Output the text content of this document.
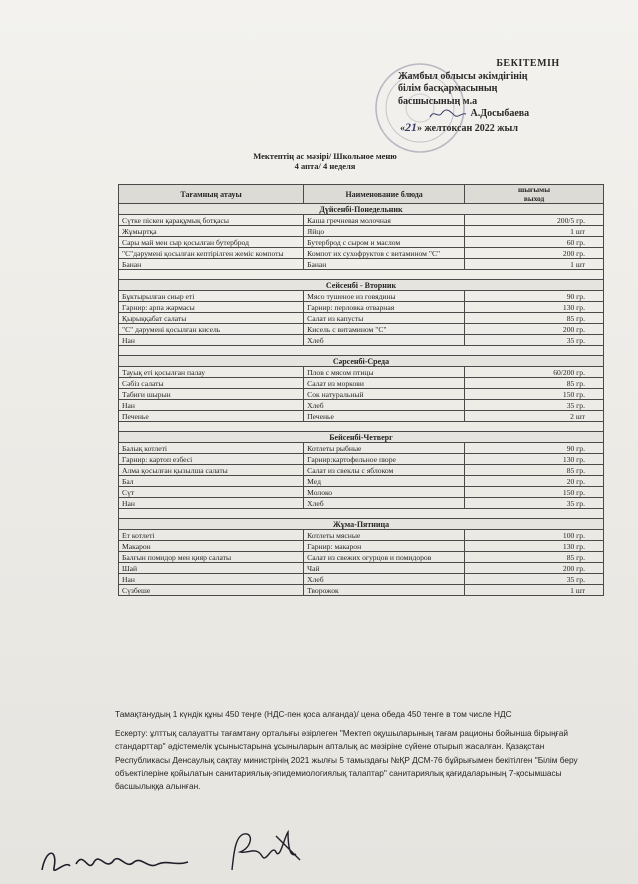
БЕКІТЕМІН
Жамбыл облысы әкімдігінің
білім басқармасының
басшысының м.а
А.Досыбаева
«21» желтоксан 2022 жыл
Мектептің ас мәзірі/ Школьное меню
4 апта/ 4 неделя
Тағамның атауы	Наименование блюда	шығымы
выход

Дүйсенбі-Понедельник		
Сүтке піскен қарақұмық ботқасы	Каша гречневая молочная	200/5 гр.
Жұмыртқа	Яйцо	1 шт
Сары май мен сыр қосылған бутерброд	Бутерброд с сыром и маслом	60 гр.
"С"дәруменi қосылған кептiрiлген жеміс компоты	Компот их сухофруктов с витамином "С"	200 гр.
Банан	Банан	1 шт

Сейсенбі - Вторник		
Бұктырылған сиыр еті	Мясо тушеное из говядины	90 гр.
Гарнир: арпа жармасы	Гарнир: перловка отварная	130 гр.
Қырыққабат салаты	Салат из капусты	85 гр.
"С" дәруменi қосылған кисель	Кисель с витамином "С"	200 гр.
Нан	Хлеб	35 гр.

Сәрсенбі-Среда		
Тауық еті қосылған палау	Плов с мясом птицы	60/200 гр.
Сәбіз салаты	Салат из моркови	85 гр.
Табиғи шырын	Сок натуральный	150 гр.
Нан	Хлеб	35 гр.
Печенье	Печенье	2 шт

Бейсенбі-Четверг		
Балық котлеті	Котлеты рыбные	90 гр.
Гарнир: картоп езбесі	Гарнир:картофельное пюре	130 гр.
Алма қосылған қызылша салаты	Салат из свеклы с яблоком	85 гр.
Бал	Мед	20 гр.
Сүт	Молоко	150 гр.
Нан	Хлеб	35 гр.

Жұма-Пятница		
Ет котлеті	Котлеты мясные	100 гр.
Макарон	Гарнир: макарон	130 гр.
Балғын помидор мен қияр салаты	Салат из свежих огурцов и помидоров	85 гр.
Шай	Чай	200 гр.
Нан	Хлеб	35 гр.
Сүзбеше	Творожок	1 шт

Тамақтанудың 1 күндік құны 450 теңге (НДС-пен қоса алғанда)/ цена обеда 450 тенге в том числе НДС

Ескерту: ұлттық салауатты тағамтану орталығы әзірлеген "Мектеп оқушыларының тағам рационы бойынша бірыңғай стандарттар" әдістемелік ұсыныстарына ұсыныларын апталық ас мәзіріне сүйене отырып жасалған. Қазақстан Республикасы Денсаулық сақтау министрінің 2021 жылғы 5 тамыздағы №ҚР ДСМ-76 бұйрығымен бекітілген "Білім беру объектілеріне қойылатын санитариялық-эпидемиологиялық талаптар" санитариялық қағидаларының 7-қосымшасы басшылыққа алынған.
